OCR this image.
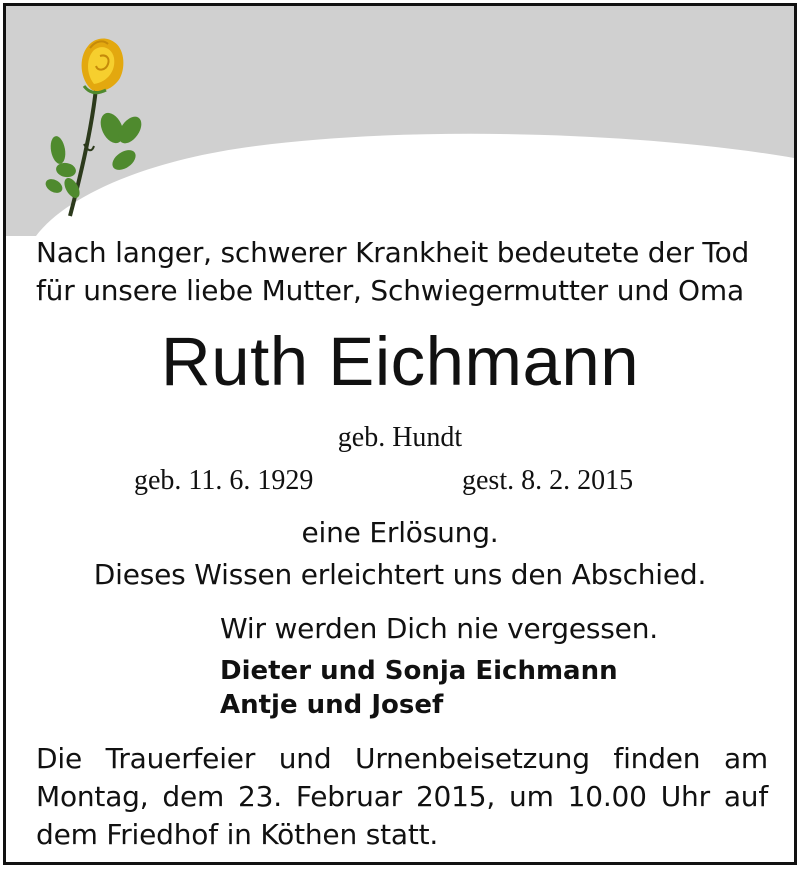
Nach langer, schwerer Krankheit bedeutete der Tod
für unsere liebe Mutter, Schwiegermutter und Oma
Ruth Eichmann
geb. Hundt
geb. 11. 6. 1929	gest. 8. 2. 2015
eine Erlösung.
Dieses Wissen erleichtert uns den Abschied.
Wir werden Dich nie vergessen.
Dieter und Sonja Eichmann
Antje und Josef
Die Trauerfeier und Urnenbeisetzung finden am Montag, dem 23. Februar 2015, um 10.00 Uhr auf dem Friedhof in Köthen statt.
